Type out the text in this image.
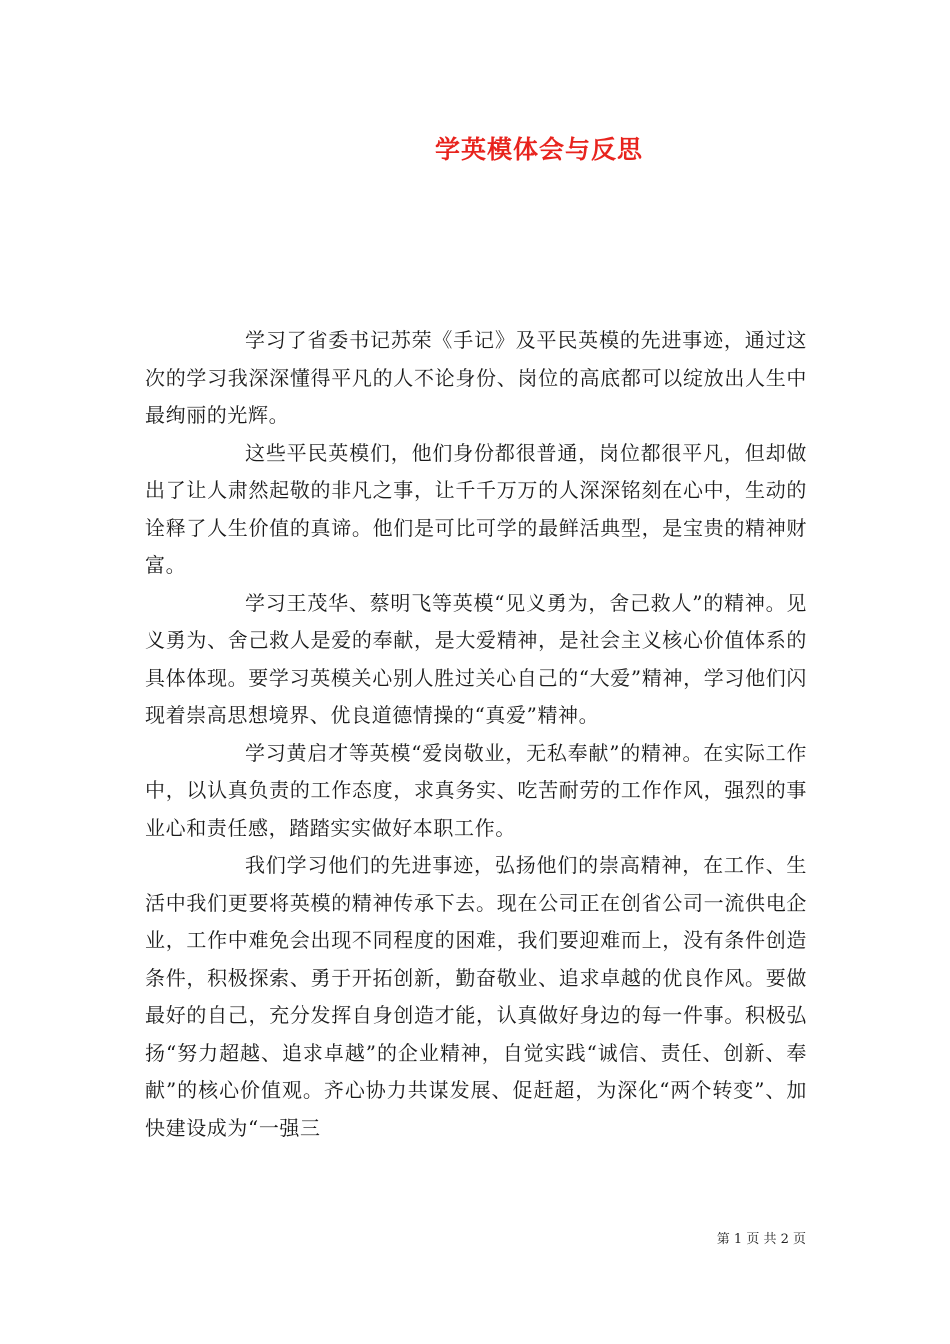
学英模体会与反思

学习了省委书记苏荣《手记》及平民英模的先进事迹，通过这次的学习我深深懂得平凡的人不论身份、岗位的高底都可以绽放出人生中最绚丽的光辉。

这些平民英模们，他们身份都很普通，岗位都很平凡，但却做出了让人肃然起敬的非凡之事，让千千万万的人深深铭刻在心中，生动的诠释了人生价值的真谛。他们是可比可学的最鲜活典型，是宝贵的精神财富。

学习王茂华、蔡明飞等英模“见义勇为，舍己救人”的精神。见义勇为、舍己救人是爱的奉献，是大爱精神，是社会主义核心价值体系的具体体现。要学习英模关心别人胜过关心自己的“大爱”精神，学习他们闪现着崇高思想境界、优良道德情操的“真爱”精神。

学习黄启才等英模“爱岗敬业，无私奉献”的精神。在实际工作中，以认真负责的工作态度，求真务实、吃苦耐劳的工作作风，强烈的事业心和责任感，踏踏实实做好本职工作。

我们学习他们的先进事迹，弘扬他们的崇高精神，在工作、生活中我们更要将英模的精神传承下去。现在公司正在创省公司一流供电企业，工作中难免会出现不同程度的困难，我们要迎难而上，没有条件创造条件，积极探索、勇于开拓创新，勤奋敬业、追求卓越的优良作风。要做最好的自己，充分发挥自身创造才能，认真做好身边的每一件事。积极弘扬“努力超越、追求卓越”的企业精神，自觉实践“诚信、责任、创新、奉献”的核心价值观。齐心协力共谋发展、促赶超，为深化“两个转变”、加快建设成为“一强三

第 1 页 共 2 页
